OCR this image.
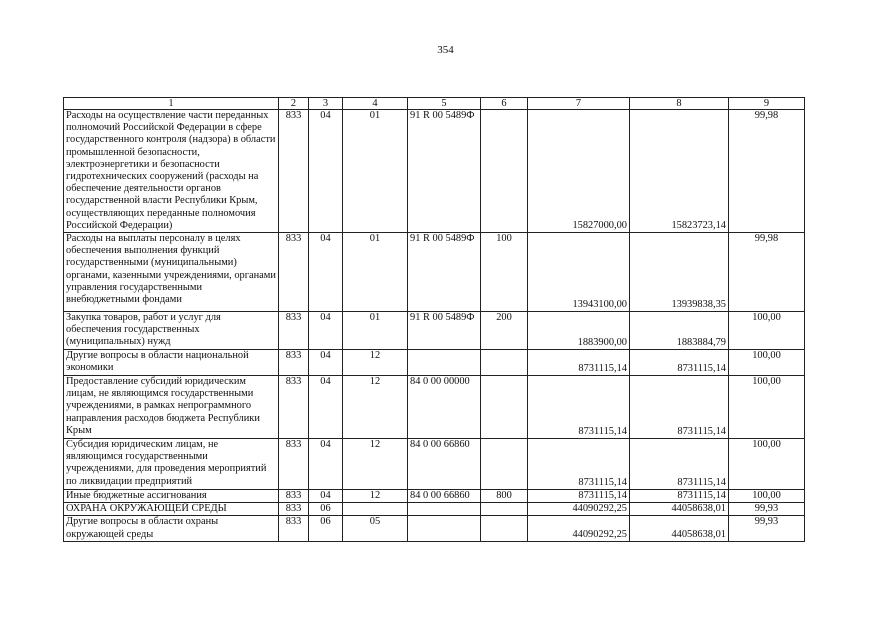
354
1	2	3	4	5	6	7	8	9
Расходы на осуществление части переданных полномочий Российской Федерации в сфере государственного контроля (надзора) в области промышленной безопасности, электроэнергетики и безопасности гидротехнических сооружений (расходы на обеспечение деятельности органов государственной власти Республики Крым, осуществляющих переданные полномочия Российской Федерации)	833	04	01	91 R 00 5489Ф		15827000,00	15823723,14	99,98
Расходы на выплаты персоналу в целях обеспечения выполнения функций государственными (муниципальными) органами, казенными учреждениями, органами управления государственными внебюджетными фондами	833	04	01	91 R 00 5489Ф	100	13943100,00	13939838,35	99,98
Закупка товаров, работ и услуг для обеспечения государственных (муниципальных) нужд	833	04	01	91 R 00 5489Ф	200	1883900,00	1883884,79	100,00
Другие вопросы в области национальной экономики	833	04	12			8731115,14	8731115,14	100,00
Предоставление субсидий юридическим лицам, не являющимся государственными учреждениями, в рамках непрограммного направления расходов бюджета Республики Крым	833	04	12	84 0 00 00000		8731115,14	8731115,14	100,00
Субсидия юридическим лицам, не являющимся государственными учреждениями, для проведения мероприятий по ликвидации предприятий	833	04	12	84 0 00 66860		8731115,14	8731115,14	100,00
Иные бюджетные ассигнования	833	04	12	84 0 00 66860	800	8731115,14	8731115,14	100,00
ОХРАНА ОКРУЖАЮЩЕЙ СРЕДЫ	833	06				44090292,25	44058638,01	99,93
Другие вопросы в области охраны окружающей среды	833	06	05			44090292,25	44058638,01	99,93
